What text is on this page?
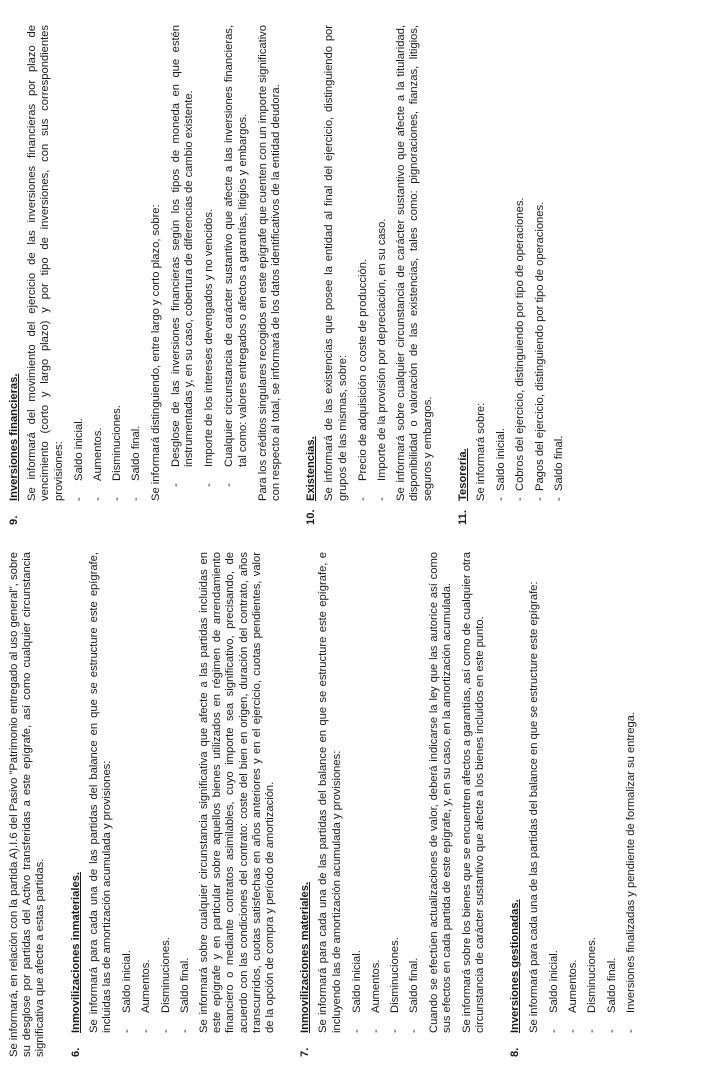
Se informará, en relación con la partida A).I.6 del Pasivo "Patrimonio entregado al uso general", sobre su desglose por partidas del Activo transferidas a este epígrafe, así como cualquier circunstancia significativa que afecte a estas partidas. 6.
Inmovilizaciones inmateriales. Se informará para cada una de las partidas del balance en que se estructure este epígrafe, incluidas las de amortización acumulada y provisiones: -
Saldo inicial.
-
Aumentos.
-
Disminuciones.
-
Saldo final. Se informará sobre cualquier circunstancia significativa que afecte a las partidas incluidas en este epígrafe y en particular sobre aquellos bienes utilizados en régimen de arrendamiento financiero o mediante contratos asimilables, cuyo importe sea significativo, precisando, de acuerdo con las condiciones del contrato: coste del bien en origen, duración del contrato, años transcurridos, cuotas satisfechas en años anteriores y en el ejercicio, cuotas pendientes, valor de la opción de compra y período de amortización.

7.
Inmovilizaciones materiales. Se informará para cada una de las partidas del balance en que se estructure este epígrafe, e incluyendo las de amortización acumulada y provisiones: -
Saldo inicial.
-
Aumentos.
-
Disminuciones.
-
Saldo final. Cuando se efectúen actualizaciones de valor, deberá indicarse la ley que las autorice así como sus efectos en cada partida de este epígrafe, y, en su caso, en la amortización acumulada. Se informará sobre los bienes que se encuentren afectos a garantías, así como de cualquier otra circunstancia de carácter sustantivo que afecte a los bienes incluidos en este punto.

8.
Inversiones gestionadas. Se informará para cada una de las partidas del balance en que se estructure este epígrafe: -
Saldo inicial.
-
Aumentos.
-
Disminuciones.
-
Saldo final.
-
Inversiones finalizadas y pendiente de formalizar su entrega.
9.
Inversiones financieras. Se informará del movimiento del ejercicio de las inversiones financieras por plazo de vencimiento (corto y largo plazo) y por tipo de inversiones, con sus correspondientes provisiones: -
Saldo inicial.
-
Aumentos.
-
Disminuciones.
-
Saldo final. Se informará distinguiendo, entre largo y corto plazo, sobre: -
Desglose de las inversiones financieras según los tipos de moneda en que estén instrumentadas y, en su caso, cobertura de diferencias de cambio existente.
-
Importe de los intereses devengados y no vencidos.
-
Cualquier circunstancia de carácter sustantivo que afecte a las inversiones financieras, tal como: valores entregados o afectos a garantías, litigios y embargos. Para los créditos singulares recogidos en este epígrafe que cuenten con un importe significativo con respecto al total, se informará de los datos identificativos de la entidad deudora.

10.
Existencias. Se informará de las existencias que posee la entidad al final del ejercicio, distinguiendo por grupos de las mismas, sobre: -
Precio de adquisición o coste de producción.
-
Importe de la provisión por depreciación, en su caso. Se informará sobre cualquier circunstancia de carácter sustantivo que afecte a la titularidad, disponibilidad o valoración de las existencias, tales como: pignoraciones, fianzas, litigios, seguros y embargos.

11.
Tesorería. Se informará sobre: -
Saldo inicial.
-
Cobros del ejercicio, distinguiendo por tipo de operaciones.
-
Pagos del ejercicio, distinguiendo por tipo de operaciones.
-
Saldo final.
